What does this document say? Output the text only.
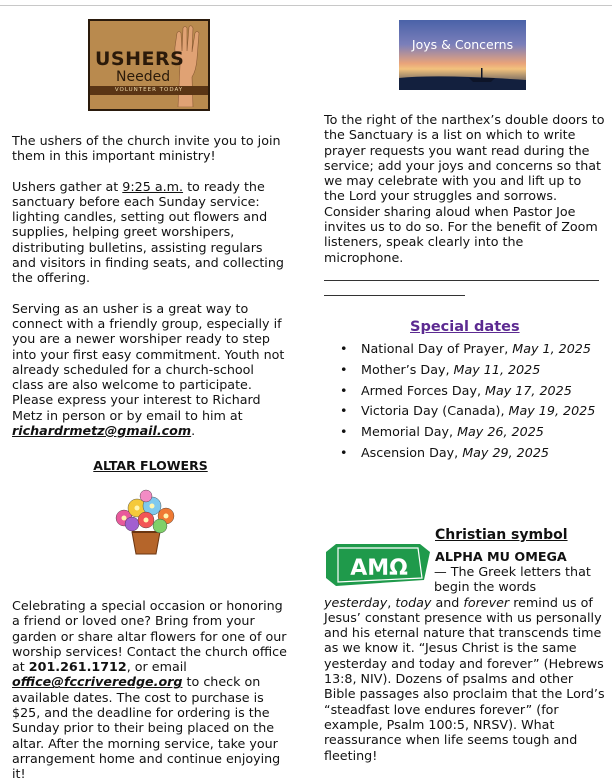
USHERS
Needed
VOLUNTEER TODAY

The ushers of the church invite you to join them in this important ministry!

Ushers gather at 9:25 a.m. to ready the sanctuary before each Sunday service: lighting candles, setting out flowers and supplies, helping greet worshipers, distributing bulletins, assisting regulars and visitors in finding seats, and collecting the offering.

Serving as an usher is a great way to connect with a friendly group, especially if you are a newer worshiper ready to step into your first easy commitment. Youth not already scheduled for a church-school class are also welcome to participate. Please express your interest to Richard Metz in person or by email to him at richardrmetz@gmail.com.

ALTAR FLOWERS

Celebrating a special occasion or honoring a friend or loved one? Bring from your garden or share altar flowers for one of our worship services! Contact the church office at 201.261.1712, or email office@fccriveredge.org to check on available dates. The cost to purchase is $25, and the deadline for ordering is the Sunday prior to their being placed on the altar. After the morning service, take your arrangement home and continue enjoying it!

Joys & Concerns

To the right of the narthex’s double doors to the Sanctuary is a list on which to write prayer requests you want read during the service; add your joys and concerns so that we may celebrate with you and lift up to the Lord your struggles and sorrows. Consider sharing aloud when Pastor Joe invites us to do so. For the benefit of Zoom listeners, speak clearly into the microphone.

Special dates
• National Day of Prayer, May 1, 2025
• Mother’s Day, May 11, 2025
• Armed Forces Day, May 17, 2025
• Victoria Day (Canada), May 19, 2025
• Memorial Day, May 26, 2025
• Ascension Day, May 29, 2025
Christian symbol
ΑΜΩ ALPHA MU OMEGA

— The Greek letters that begin the words yesterday, today and forever remind us of Jesus’ constant presence with us personally and his eternal nature that transcends time as we know it. “Jesus Christ is the same yesterday and today and forever” (Hebrews 13:8, NIV). Dozens of psalms and other Bible passages also proclaim that the Lord’s “steadfast love endures forever” (for example, Psalm 100:5, NRSV). What reassurance when life seems tough and fleeting!
